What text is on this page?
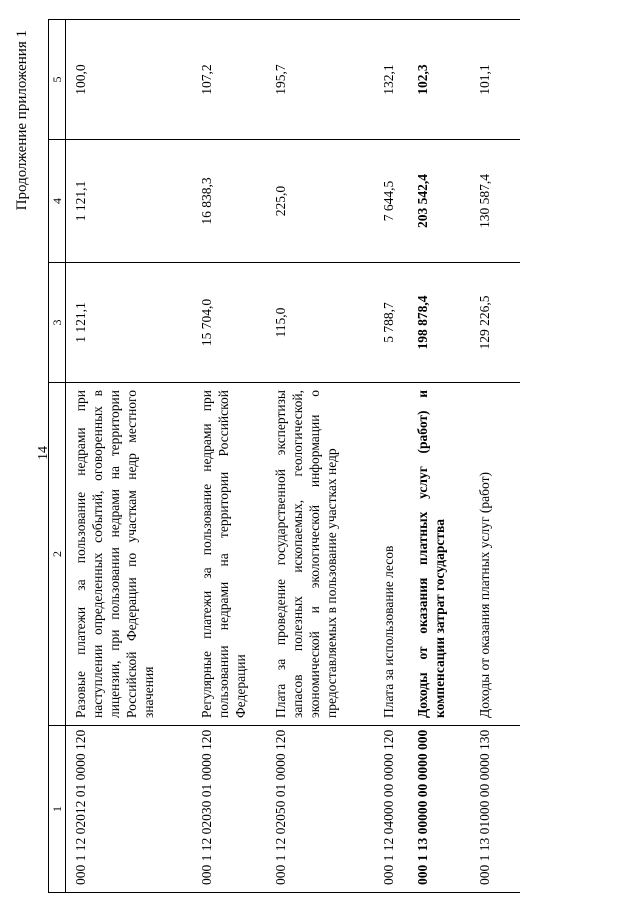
14
Продолжение приложения 1
1	2	3	4	5
000 1 12 02012 01 0000 120	Разовые платежи за пользование недрами при наступлении определенных событий, оговоренных в лицензии, при пользовании недрами на территории Российской Федерации по участкам недр местного значения	1 121,1	1 121,1	100,0
000 1 12 02030 01 0000 120	Регулярные платежи за пользование недрами при пользовании недрами на территории Российской Федерации	15 704,0	16 838,3	107,2
000 1 12 02050 01 0000 120	Плата за проведение государственной экспертизы запасов полезных ископаемых, геологической, экономической и экологической информации о предоставляемых в пользование участках недр	115,0	225,0	195,7
000 1 12 04000 00 0000 120	Плата за использование лесов	5 788,7	7 644,5	132,1
000 1 13 00000 00 0000 000	Доходы от оказания платных услуг (работ) и компенсации затрат государства	198 878,4	203 542,4	102,3
000 1 13 01000 00 0000 130	Доходы от оказания платных услуг (работ)	129 226,5	130 587,4	101,1
